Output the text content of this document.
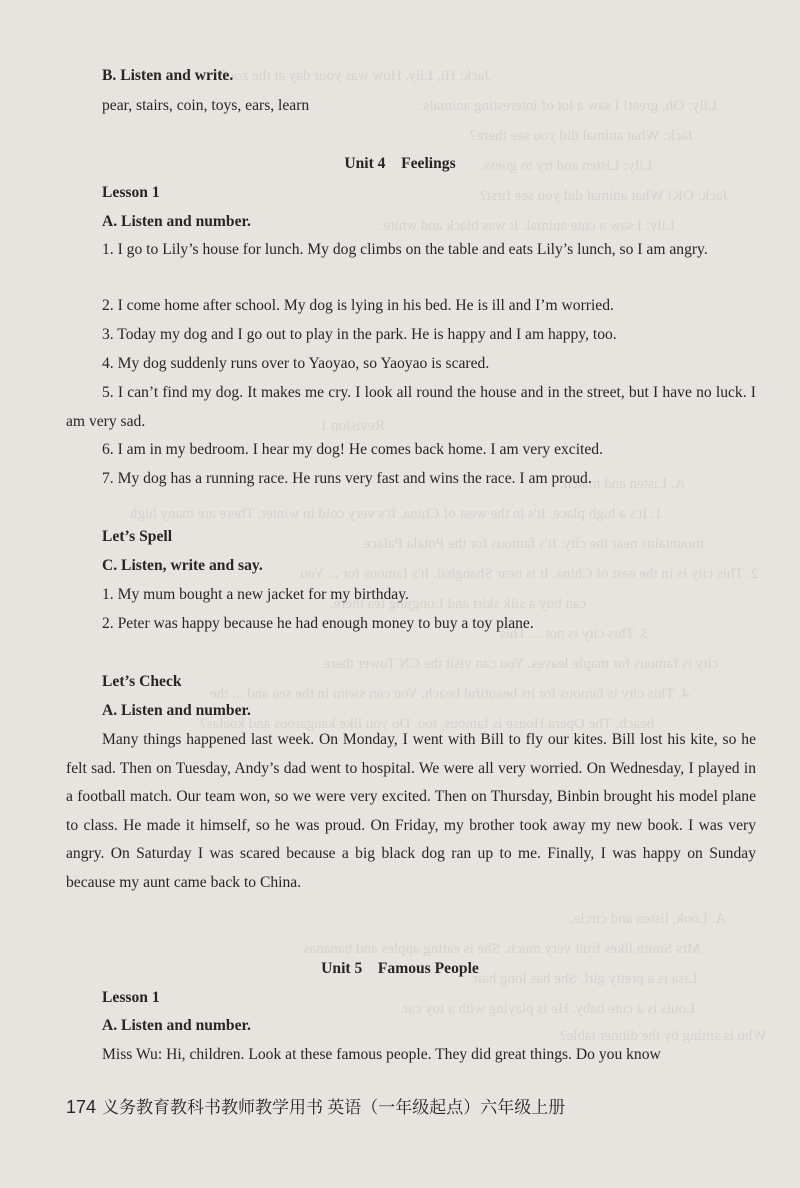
Jack: Hi, Lily. How was your day at the zoo?
Lily: Oh, great! I saw a lot of interesting animals.
Jack: What animal did you see there?
Lily: Listen and try to guess.
Jack: OK! What animal did you see first?
Lily: I saw a cute animal. It was black and white.
Revision 1
A. Listen and match.
1. It's a high place. It's in the west of China. It's very cold in winter. There are many high
mountains near the city. It's famous for the Potala Palace.
2. This city is in the east of China. It is near Shanghai. It's famous for ... You
can buy a silk skirt and Longjing tea there.
3. This city is not ... This
city is famous for maple leaves. You can visit the CN Tower there.
4. This city is famous for its beautiful beach. You can swim in the sea and ... the
beach. The Opera House is famous, too. Do you like kangaroos and koalas?
A. Look, listen and circle.
Mrs Smith likes fruit very much. She is eating apples and bananas.
Lisa is a pretty girl. She has long hair.
Louis is a cute baby. He is playing with a toy car.
Who is sitting by the dinner table?
B. Listen and write.
pear, stairs, coin, toys, ears, learn
Unit 4 Feelings
Lesson 1
A. Listen and number.
1. I go to Lily’s house for lunch. My dog climbs on the table and eats Lily’s lunch, so I am angry.
2. I come home after school. My dog is lying in his bed. He is ill and I’m worried.
3. Today my dog and I go out to play in the park. He is happy and I am happy, too.
4. My dog suddenly runs over to Yaoyao, so Yaoyao is scared.
5. I can’t find my dog. It makes me cry. I look all round the house and in the street, but I have no luck. I am very sad.
6. I am in my bedroom. I hear my dog! He comes back home. I am very excited.
7. My dog has a running race. He runs very fast and wins the race. I am proud.
Let’s Spell
C. Listen, write and say.
1. My mum bought a new jacket for my birthday.
2. Peter was happy because he had enough money to buy a toy plane.
Let’s Check
A. Listen and number.
Many things happened last week. On Monday, I went with Bill to fly our kites. Bill lost his kite, so he felt sad. Then on Tuesday, Andy’s dad went to hospital. We were all very worried. On Wednesday, I played in a football match. Our team won, so we were very excited. Then on Thursday, Binbin brought his model plane to class. He made it himself, so he was proud. On Friday, my brother took away my new book. I was very angry. On Saturday I was scared because a big black dog ran up to me. Finally, I was happy on Sunday because my aunt came back to China.
Unit 5 Famous People
Lesson 1
A. Listen and number.
Miss Wu: Hi, children. Look at these famous people. They did great things. Do you know
174 义务教育教科书教师教学用书 英语（一年级起点）六年级上册
